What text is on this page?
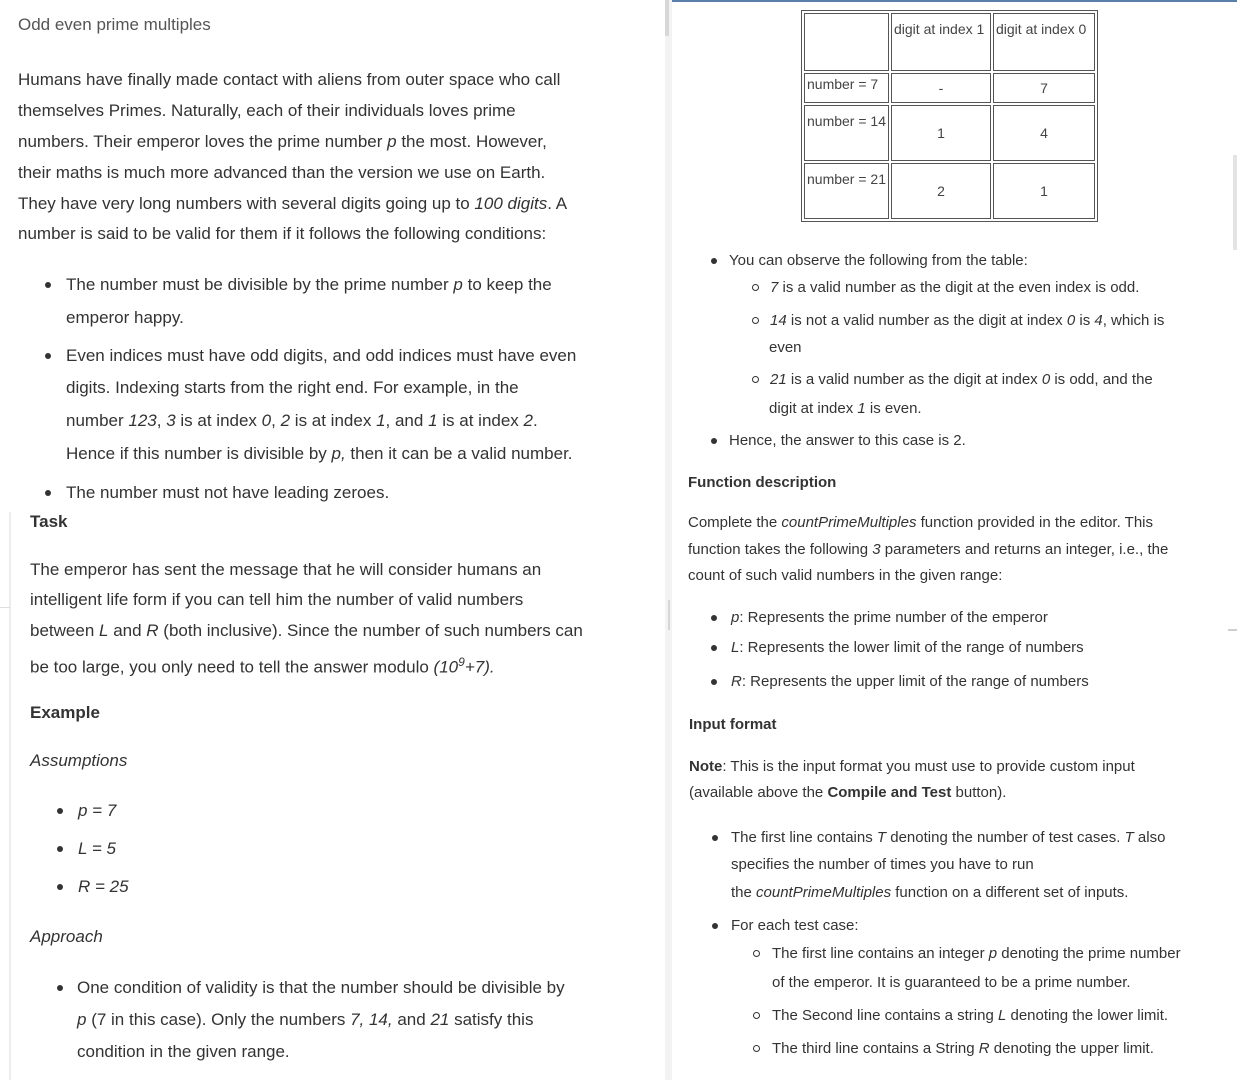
Odd even prime multiples
Humans have finally made contact with aliens from outer space who call
themselves Primes. Naturally, each of their individuals loves prime
numbers. Their emperor loves the prime number p the most. However,
their maths is much more advanced than the version we use on Earth.
They have very long numbers with several digits going up to 100 digits. A
number is said to be valid for them if it follows the following conditions:
The number must be divisible by the prime number p to keep the
emperor happy.
Even indices must have odd digits, and odd indices must have even
digits. Indexing starts from the right end. For example, in the
number 123, 3 is at index 0, 2 is at index 1, and 1 is at index 2.
Hence if this number is divisible by p, then it can be a valid number.
The number must not have leading zeroes.
Task
The emperor has sent the message that he will consider humans an
intelligent life form if you can tell him the number of valid numbers
between L and R (both inclusive). Since the number of such numbers can
be too large, you only need to tell the answer modulo $(10^9+7)$.
Example
Assumptions
p = 7
L = 5
R = 25
Approach
One condition of validity is that the number should be divisible by
p (7 in this case). Only the numbers 7, 14, and 21 satisfy this
condition in the given range.

	digit at index 1	digit at index 0

number = 7	-	7

number = 14	1	4

number = 21	2	1
You can observe the following from the table:
7 is a valid number as the digit at the even index is odd.
14 is not a valid number as the digit at index 0 is 4, which is
even
21 is a valid number as the digit at index 0 is odd, and the
digit at index 1 is even.
Hence, the answer to this case is 2.
Function description
Complete the countPrimeMultiples function provided in the editor. This
function takes the following 3 parameters and returns an integer, i.e., the
count of such valid numbers in the given range:
p: Represents the prime number of the emperor
L: Represents the lower limit of the range of numbers
R: Represents the upper limit of the range of numbers
Input format
Note: This is the input format you must use to provide custom input
(available above the Compile and Test button).
The first line contains T denoting the number of test cases. T also
specifies the number of times you have to run
the countPrimeMultiples function on a different set of inputs.
For each test case:
The first line contains an integer p denoting the prime number
of the emperor. It is guaranteed to be a prime number.
The Second line contains a string L denoting the lower limit.
The third line contains a String R denoting the upper limit.
